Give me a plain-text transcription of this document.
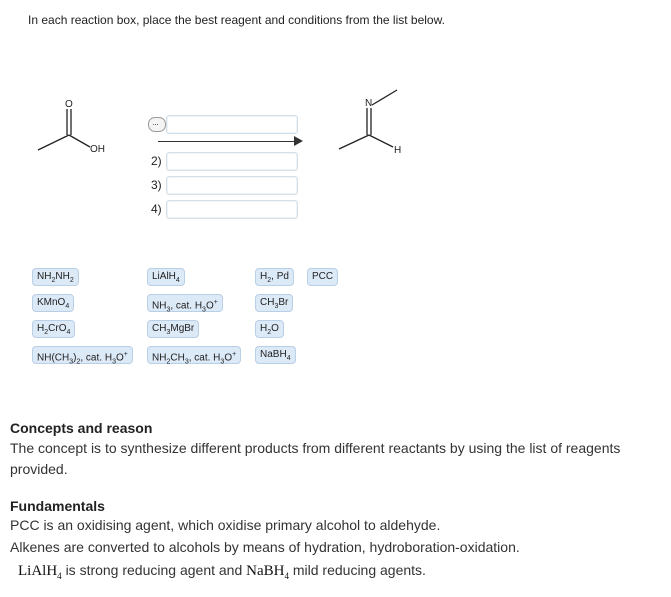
In each reaction box, place the best reagent and conditions from the list below.
O
OH
N
H
···
2)
3)
4)
$NH_2NH_2$
KMnO$_4$
$H_2CrO_4$
$NH(CH_3)_2$, cat. $H_3O^+$
LiAlH$_4$
$NH_3$, cat. $H_3O^+$
$CH_3MgBr$
$NH_2CH_3$, cat. $H_3O^+$
$H_2$, Pd	PCC
$CH_3Br$
$H_2O$
NaBH$_4$
Concepts and reason
The concept is to synthesize different products from different reactants by using the list of reagents provided.
Fundamentals
PCC is an oxidising agent, which oxidise primary alcohol to aldehyde.
Alkenes are converted to alcohols by means of hydration, hydroboration-oxidation.
LiAlH$_4$ is strong reducing agent and NaBH$_4$ mild reducing agents.
